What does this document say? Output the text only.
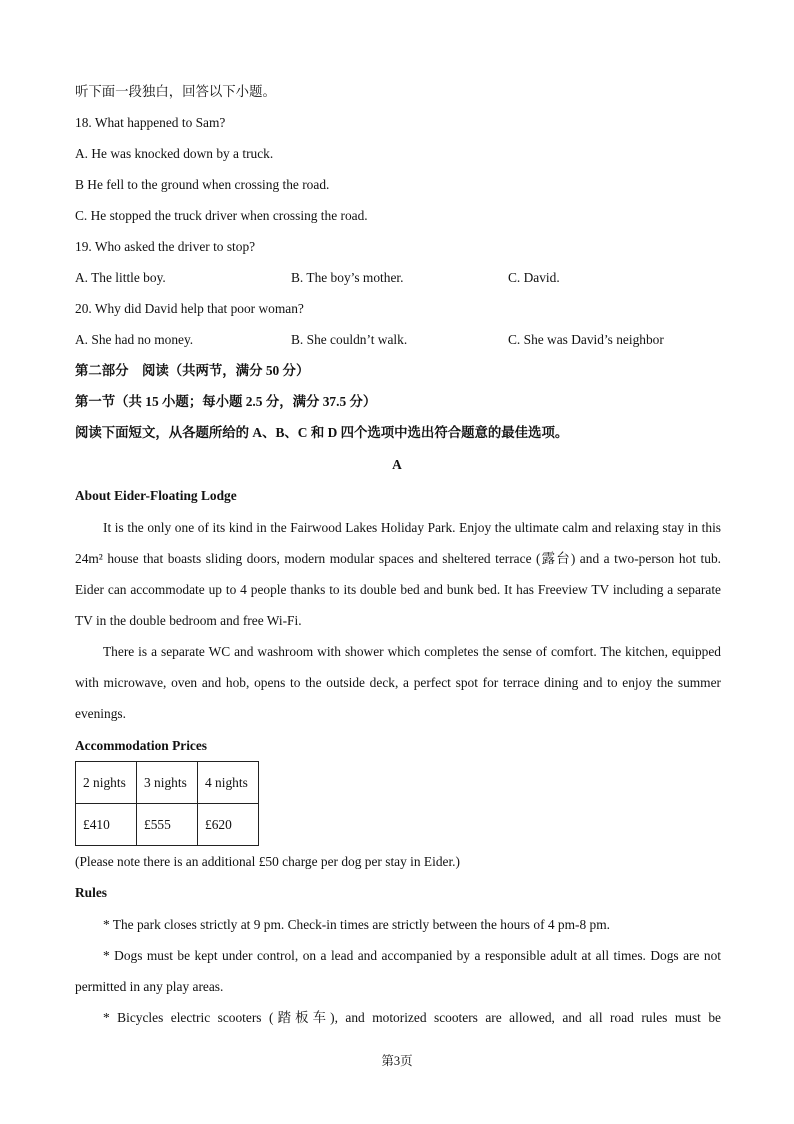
听下面一段独白，回答以下小题。
18. What happened to Sam?
A. He was knocked down by a truck.
B He fell to the ground when crossing the road.
C. He stopped the truck driver when crossing the road.
19. Who asked the driver to stop?
A. The little boy.	B. The boy’s mother.	C. David.
20. Why did David help that poor woman?
A. She had no money.	B. She couldn’t walk.	C. She was David’s neighbor
第二部分　阅读（共两节，满分 50 分）
第一节（共 15 小题；每小题 2.5 分，满分 37.5 分）
阅读下面短文，从各题所给的 A、B、C 和 D 四个选项中选出符合题意的最佳选项。
A
About Eider-Floating Lodge

It is the only one of its kind in the Fairwood Lakes Holiday Park. Enjoy the ultimate calm and relaxing stay in this 24m² house that boasts sliding doors, modern modular spaces and sheltered terrace (露台) and a two-person hot tub. Eider can accommodate up to 4 people thanks to its double bed and bunk bed. It has Freeview TV including a separate TV in the double bedroom and free Wi-Fi.

There is a separate WC and washroom with shower which completes the sense of comfort. The kitchen, equipped with microwave, oven and hob, opens to the outside deck, a perfect spot for terrace dining and to enjoy the summer evenings.

Accommodation Prices
2 nights	3 nights	4 nights
£410	£555	£620
(Please note there is an additional £50 charge per dog per stay in Eider.)
Rules

* The park closes strictly at 9 pm. Check-in times are strictly between the hours of 4 pm-8 pm.

* Dogs must be kept under control, on a lead and accompanied by a responsible adult at all times. Dogs are not permitted in any play areas.

* Bicycles electric scooters (踏板车), and motorized scooters are allowed, and all road rules must be

第3页
